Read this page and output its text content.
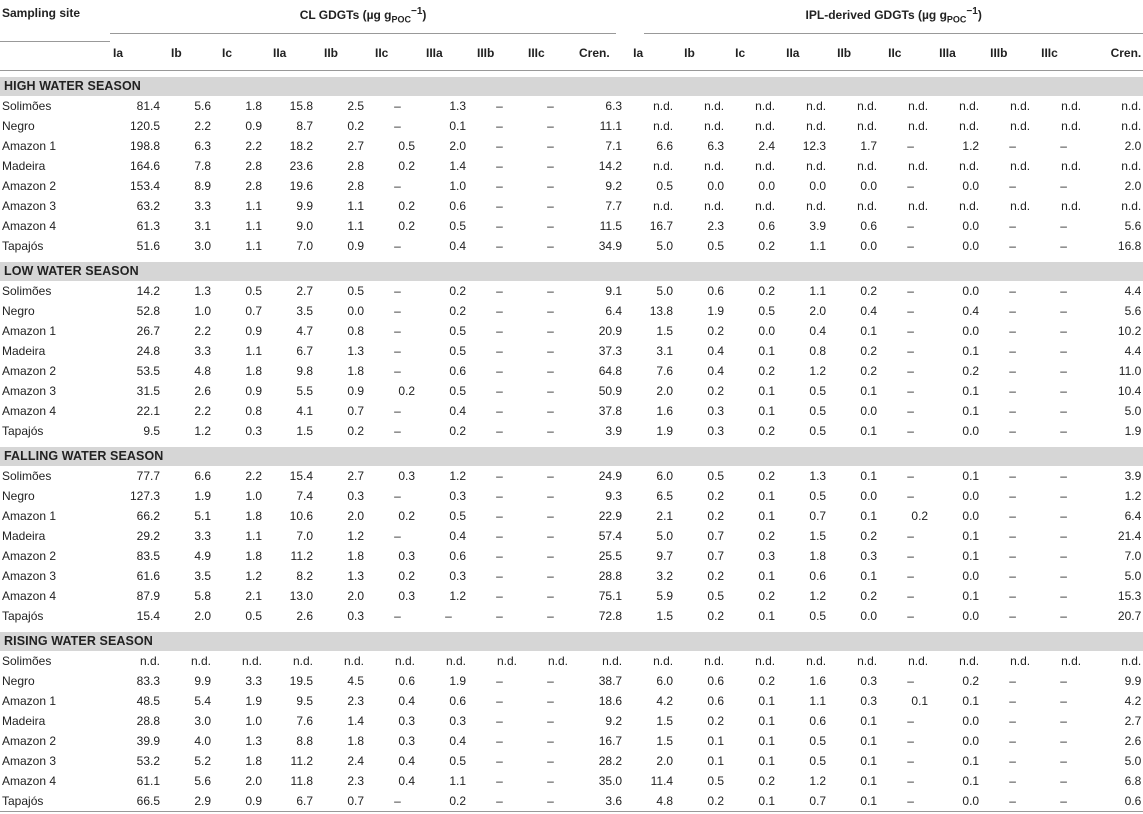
Sampling site	CL GDGTs (µg $g_{POC}^{-1}$)										IPL-derived GDGTs (µg $g_{POC}^{-1}$)									

	Ia	Ib	Ic	IIa	IIb	IIc	IIIa	IIIb	IIIc	Cren.	Ia	Ib	Ic	IIa	IIb	IIc	IIIa	IIIb	IIIc	Cren.

HIGH WATER SEASON																				
Solimões	81.4	5.6	1.8	15.8	2.5	–	1.3	–	–	6.3	n.d.	n.d.	n.d.	n.d.	n.d.	n.d.	n.d.	n.d.	n.d.	n.d.
Negro	120.5	2.2	0.9	8.7	0.2	–	0.1	–	–	11.1	n.d.	n.d.	n.d.	n.d.	n.d.	n.d.	n.d.	n.d.	n.d.	n.d.
Amazon 1	198.8	6.3	2.2	18.2	2.7	0.5	2.0	–	–	7.1	6.6	6.3	2.4	12.3	1.7	–	1.2	–	–	2.0
Madeira	164.6	7.8	2.8	23.6	2.8	0.2	1.4	–	–	14.2	n.d.	n.d.	n.d.	n.d.	n.d.	n.d.	n.d.	n.d.	n.d.	n.d.
Amazon 2	153.4	8.9	2.8	19.6	2.8	–	1.0	–	–	9.2	0.5	0.0	0.0	0.0	0.0	–	0.0	–	–	2.0
Amazon 3	63.2	3.3	1.1	9.9	1.1	0.2	0.6	–	–	7.7	n.d.	n.d.	n.d.	n.d.	n.d.	n.d.	n.d.	n.d.	n.d.	n.d.
Amazon 4	61.3	3.1	1.1	9.0	1.1	0.2	0.5	–	–	11.5	16.7	2.3	0.6	3.9	0.6	–	0.0	–	–	5.6
Tapajós	51.6	3.0	1.1	7.0	0.9	–	0.4	–	–	34.9	5.0	0.5	0.2	1.1	0.0	–	0.0	–	–	16.8

LOW WATER SEASON																				
Solimões	14.2	1.3	0.5	2.7	0.5	–	0.2	–	–	9.1	5.0	0.6	0.2	1.1	0.2	–	0.0	–	–	4.4
Negro	52.8	1.0	0.7	3.5	0.0	–	0.2	–	–	6.4	13.8	1.9	0.5	2.0	0.4	–	0.4	–	–	5.6
Amazon 1	26.7	2.2	0.9	4.7	0.8	–	0.5	–	–	20.9	1.5	0.2	0.0	0.4	0.1	–	0.0	–	–	10.2
Madeira	24.8	3.3	1.1	6.7	1.3	–	0.5	–	–	37.3	3.1	0.4	0.1	0.8	0.2	–	0.1	–	–	4.4
Amazon 2	53.5	4.8	1.8	9.8	1.8	–	0.6	–	–	64.8	7.6	0.4	0.2	1.2	0.2	–	0.2	–	–	11.0
Amazon 3	31.5	2.6	0.9	5.5	0.9	0.2	0.5	–	–	50.9	2.0	0.2	0.1	0.5	0.1	–	0.1	–	–	10.4
Amazon 4	22.1	2.2	0.8	4.1	0.7	–	0.4	–	–	37.8	1.6	0.3	0.1	0.5	0.0	–	0.1	–	–	5.0
Tapajós	9.5	1.2	0.3	1.5	0.2	–	0.2	–	–	3.9	1.9	0.3	0.2	0.5	0.1	–	0.0	–	–	1.9

FALLING WATER SEASON																				
Solimões	77.7	6.6	2.2	15.4	2.7	0.3	1.2	–	–	24.9	6.0	0.5	0.2	1.3	0.1	–	0.1	–	–	3.9
Negro	127.3	1.9	1.0	7.4	0.3	–	0.3	–	–	9.3	6.5	0.2	0.1	0.5	0.0	–	0.0	–	–	1.2
Amazon 1	66.2	5.1	1.8	10.6	2.0	0.2	0.5	–	–	22.9	2.1	0.2	0.1	0.7	0.1	0.2	0.0	–	–	6.4
Madeira	29.2	3.3	1.1	7.0	1.2	–	0.4	–	–	57.4	5.0	0.7	0.2	1.5	0.2	–	0.1	–	–	21.4
Amazon 2	83.5	4.9	1.8	11.2	1.8	0.3	0.6	–	–	25.5	9.7	0.7	0.3	1.8	0.3	–	0.1	–	–	7.0
Amazon 3	61.6	3.5	1.2	8.2	1.3	0.2	0.3	–	–	28.8	3.2	0.2	0.1	0.6	0.1	–	0.0	–	–	5.0
Amazon 4	87.9	5.8	2.1	13.0	2.0	0.3	1.2	–	–	75.1	5.9	0.5	0.2	1.2	0.2	–	0.1	–	–	15.3
Tapajós	15.4	2.0	0.5	2.6	0.3	–	–	–	–	72.8	1.5	0.2	0.1	0.5	0.0	–	0.0	–	–	20.7

RISING WATER SEASON																				
Solimões	n.d.	n.d.	n.d.	n.d.	n.d.	n.d.	n.d.	n.d.	n.d.	n.d.	n.d.	n.d.	n.d.	n.d.	n.d.	n.d.	n.d.	n.d.	n.d.	n.d.
Negro	83.3	9.9	3.3	19.5	4.5	0.6	1.9	–	–	38.7	6.0	0.6	0.2	1.6	0.3	–	0.2	–	–	9.9
Amazon 1	48.5	5.4	1.9	9.5	2.3	0.4	0.6	–	–	18.6	4.2	0.6	0.1	1.1	0.3	0.1	0.1	–	–	4.2
Madeira	28.8	3.0	1.0	7.6	1.4	0.3	0.3	–	–	9.2	1.5	0.2	0.1	0.6	0.1	–	0.0	–	–	2.7
Amazon 2	39.9	4.0	1.3	8.8	1.8	0.3	0.4	–	–	16.7	1.5	0.1	0.1	0.5	0.1	–	0.0	–	–	2.6
Amazon 3	53.2	5.2	1.8	11.2	2.4	0.4	0.5	–	–	28.2	2.0	0.1	0.1	0.5	0.1	–	0.1	–	–	5.0
Amazon 4	61.1	5.6	2.0	11.8	2.3	0.4	1.1	–	–	35.0	11.4	0.5	0.2	1.2	0.1	–	0.1	–	–	6.8
Tapajós	66.5	2.9	0.9	6.7	0.7	–	0.2	–	–	3.6	4.8	0.2	0.1	0.7	0.1	–	0.0	–	–	0.6
